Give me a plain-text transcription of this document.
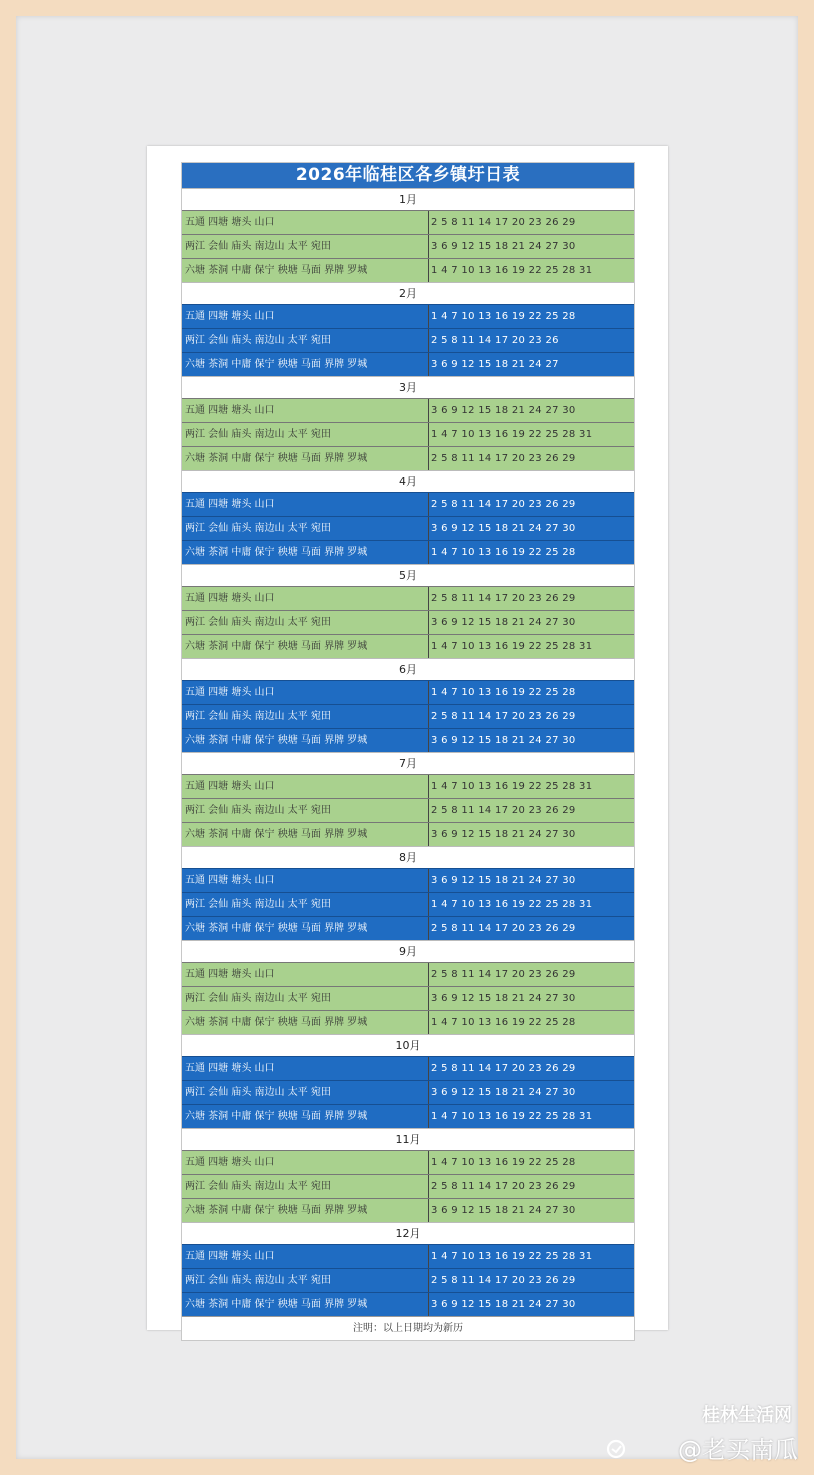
2026年临桂区各乡镇圩日表
1月
五通 四塘 塘头 山口	2 5 8 11 14 17 20 23 26 29
两江 会仙 庙头 南边山 太平 宛田	3 6 9 12 15 18 21 24 27 30
六塘 茶洞 中庸 保宁 秧塘 马面 界牌 罗城	1 4 7 10 13 16 19 22 25 28 31
2月
五通 四塘 塘头 山口	1 4 7 10 13 16 19 22 25 28
两江 会仙 庙头 南边山 太平 宛田	2 5 8 11 14 17 20 23 26
六塘 茶洞 中庸 保宁 秧塘 马面 界牌 罗城	3 6 9 12 15 18 21 24 27
3月
五通 四塘 塘头 山口	3 6 9 12 15 18 21 24 27 30
两江 会仙 庙头 南边山 太平 宛田	1 4 7 10 13 16 19 22 25 28 31
六塘 茶洞 中庸 保宁 秧塘 马面 界牌 罗城	2 5 8 11 14 17 20 23 26 29
4月
五通 四塘 塘头 山口	2 5 8 11 14 17 20 23 26 29
两江 会仙 庙头 南边山 太平 宛田	3 6 9 12 15 18 21 24 27 30
六塘 茶洞 中庸 保宁 秧塘 马面 界牌 罗城	1 4 7 10 13 16 19 22 25 28
5月
五通 四塘 塘头 山口	2 5 8 11 14 17 20 23 26 29
两江 会仙 庙头 南边山 太平 宛田	3 6 9 12 15 18 21 24 27 30
六塘 茶洞 中庸 保宁 秧塘 马面 界牌 罗城	1 4 7 10 13 16 19 22 25 28 31
6月
五通 四塘 塘头 山口	1 4 7 10 13 16 19 22 25 28
两江 会仙 庙头 南边山 太平 宛田	2 5 8 11 14 17 20 23 26 29
六塘 茶洞 中庸 保宁 秧塘 马面 界牌 罗城	3 6 9 12 15 18 21 24 27 30
7月
五通 四塘 塘头 山口	1 4 7 10 13 16 19 22 25 28 31
两江 会仙 庙头 南边山 太平 宛田	2 5 8 11 14 17 20 23 26 29
六塘 茶洞 中庸 保宁 秧塘 马面 界牌 罗城	3 6 9 12 15 18 21 24 27 30
8月
五通 四塘 塘头 山口	3 6 9 12 15 18 21 24 27 30
两江 会仙 庙头 南边山 太平 宛田	1 4 7 10 13 16 19 22 25 28 31
六塘 茶洞 中庸 保宁 秧塘 马面 界牌 罗城	2 5 8 11 14 17 20 23 26 29
9月
五通 四塘 塘头 山口	2 5 8 11 14 17 20 23 26 29
两江 会仙 庙头 南边山 太平 宛田	3 6 9 12 15 18 21 24 27 30
六塘 茶洞 中庸 保宁 秧塘 马面 界牌 罗城	1 4 7 10 13 16 19 22 25 28
10月
五通 四塘 塘头 山口	2 5 8 11 14 17 20 23 26 29
两江 会仙 庙头 南边山 太平 宛田	3 6 9 12 15 18 21 24 27 30
六塘 茶洞 中庸 保宁 秧塘 马面 界牌 罗城	1 4 7 10 13 16 19 22 25 28 31
11月
五通 四塘 塘头 山口	1 4 7 10 13 16 19 22 25 28
两江 会仙 庙头 南边山 太平 宛田	2 5 8 11 14 17 20 23 26 29
六塘 茶洞 中庸 保宁 秧塘 马面 界牌 罗城	3 6 9 12 15 18 21 24 27 30
12月
五通 四塘 塘头 山口	1 4 7 10 13 16 19 22 25 28 31
两江 会仙 庙头 南边山 太平 宛田	2 5 8 11 14 17 20 23 26 29
六塘 茶洞 中庸 保宁 秧塘 马面 界牌 罗城	3 6 9 12 15 18 21 24 27 30
注明：以上日期均为新历
桂林生活网
@老买南瓜
